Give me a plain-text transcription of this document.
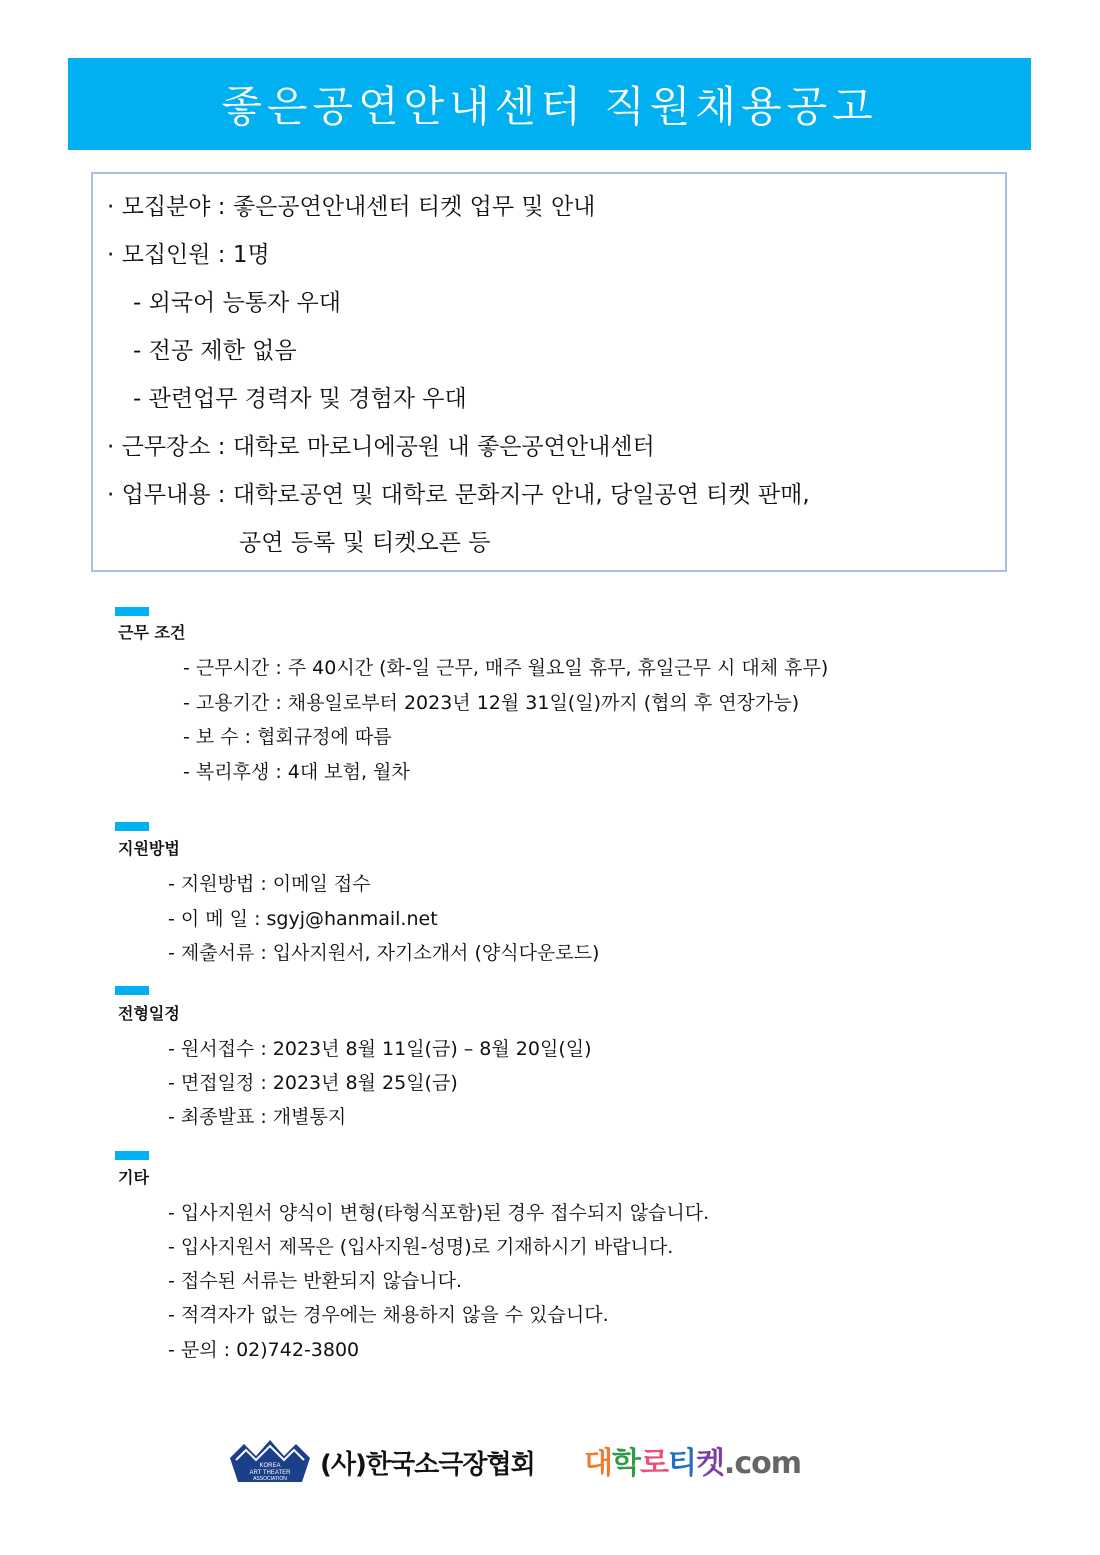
좋은공연안내센터 직원채용공고
· 모집분야 : 좋은공연안내센터 티켓 업무 및 안내
· 모집인원 : 1명
- 외국어 능통자 우대
- 전공 제한 없음
- 관련업무 경력자 및 경험자 우대
· 근무장소 : 대학로 마로니에공원 내 좋은공연안내센터
· 업무내용 : 대학로공연 및 대학로 문화지구 안내, 당일공연 티켓 판매,
공연 등록 및 티켓오픈 등
근무 조건
- 근무시간 : 주 40시간 (화-일 근무, 매주 월요일 휴무, 휴일근무 시 대체 휴무)
- 고용기간 : 채용일로부터 2023년 12월 31일(일)까지 (협의 후 연장가능)
- 보 수 : 협회규정에 따름
- 복리후생 : 4대 보험, 월차
지원방법
- 지원방법 : 이메일 접수
- 이 메 일 : sgyj@hanmail.net
- 제출서류 : 입사지원서, 자기소개서 (양식다운로드)
전형일정
- 원서접수 : 2023년 8월 11일(금) – 8월 20일(일)
- 면접일정 : 2023년 8월 25일(금)
- 최종발표 : 개별통지
기타
- 입사지원서 양식이 변형(타형식포함)된 경우 접수되지 않습니다.
- 입사지원서 제목은 (입사지원-성명)로 기재하시기 바랍니다.
- 접수된 서류는 반환되지 않습니다.
- 적격자가 없는 경우에는 채용하지 않을 수 있습니다.
- 문의 : 02)742-3800
KOREA
ART THEATER
ASSOCIATION (사)한국소극장협회 대학로티켓.com
